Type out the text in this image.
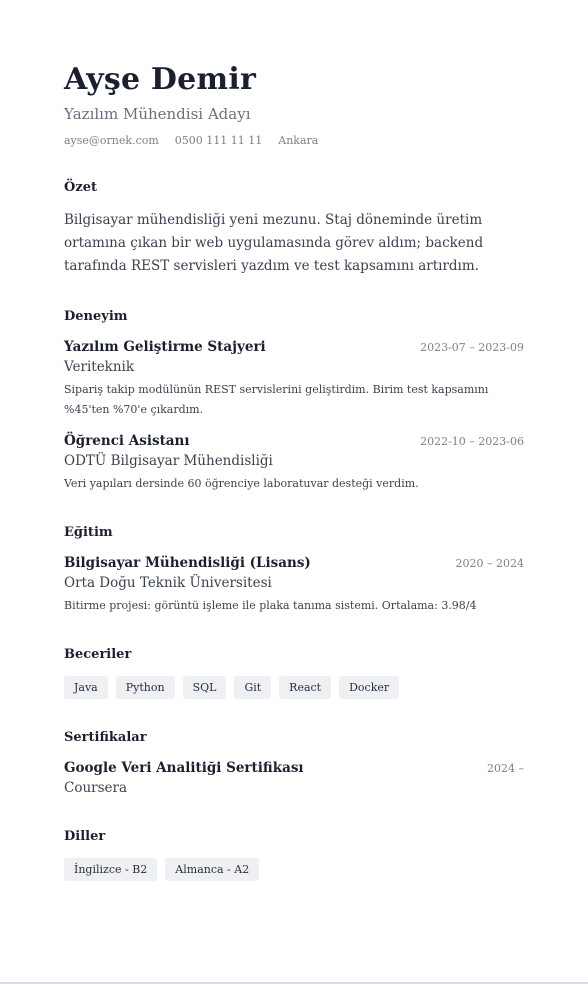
Ayşe Demir
Yazılım Mühendisi Adayı
ayse@ornek.com 0500 111 11 11 Ankara
Özet
Bilgisayar mühendisliği yeni mezunu. Staj döneminde üretim ortamına çıkan bir web uygulamasında görev aldım; backend tarafında REST servisleri yazdım ve test kapsamını artırdım.
Deneyim
Yazılım Geliştirme Stajyeri	2023-07 – 2023-09
Veriteknik
Sipariş takip modülünün REST servislerini geliştirdim. Birim test kapsamını %45'ten %70'e çıkardım.
Öğrenci Asistanı	2022-10 – 2023-06
ODTÜ Bilgisayar Mühendisliği
Veri yapıları dersinde 60 öğrenciye laboratuvar desteği verdim.
Eğitim
Bilgisayar Mühendisliği (Lisans)	2020 – 2024
Orta Doğu Teknik Üniversitesi
Bitirme projesi: görüntü işleme ile plaka tanıma sistemi. Ortalama: 3.98/4
Beceriler
Java	Python	SQL	Git	React	Docker
Sertifikalar
Google Veri Analitiği Sertifikası	2024 –
Coursera
Diller
İngilizce - B2	Almanca - A2
